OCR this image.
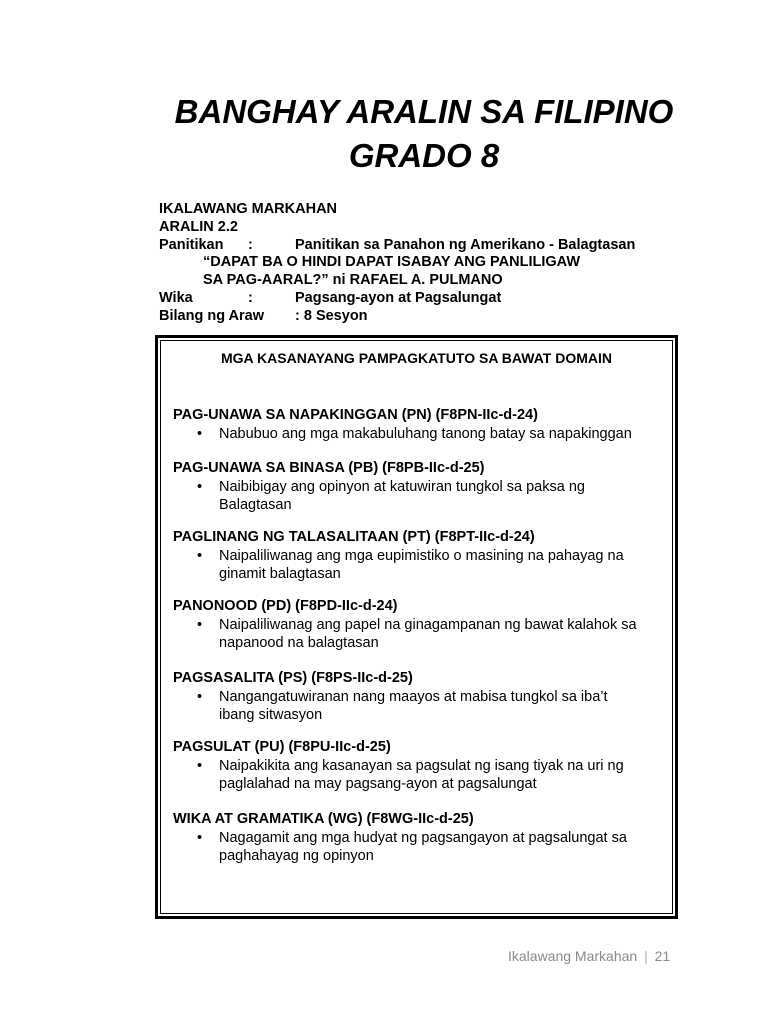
BANGHAY ARALIN SA FILIPINO
GRADO 8
IKALAWANG MARKAHAN
ARALIN 2.2
Panitikan	:	Panitikan sa Panahon ng Amerikano - Balagtasan
“DAPAT BA O HINDI DAPAT ISABAY ANG PANLILIGAW
SA PAG-AARAL?” ni RAFAEL A. PULMANO
Wika	:	Pagsang-ayon at Pagsalungat
Bilang ng Araw	: 8 Sesyon
MGA KASANAYANG PAMPAGKATUTO SA BAWAT DOMAIN
PAG-UNAWA SA NAPAKINGGAN (PN) (F8PN-IIc-d-24)
• Nabubuo ang mga makabuluhang tanong batay sa napakinggan
PAG-UNAWA SA BINASA (PB) (F8PB-IIc-d-25)
• Naibibigay ang opinyon at katuwiran tungkol sa paksa ng Balagtasan
PAGLINANG NG TALASALITAAN (PT) (F8PT-IIc-d-24)
• Naipaliliwanag ang mga eupimistiko o masining na pahayag na ginamit balagtasan
PANONOOD (PD) (F8PD-IIc-d-24)
• Naipaliliwanag ang papel na ginagampanan ng bawat kalahok sa napanood na balagtasan
PAGSASALITA (PS) (F8PS-IIc-d-25)
• Nangangatuwiranan nang maayos at mabisa tungkol sa iba’t ibang sitwasyon
PAGSULAT (PU) (F8PU-IIc-d-25)
• Naipakikita ang kasanayan sa pagsulat ng isang tiyak na uri ng paglalahad na may pagsang-ayon at pagsalungat
WIKA AT GRAMATIKA (WG) (F8WG-IIc-d-25)
• Nagagamit ang mga hudyat ng pagsangayon at pagsalungat sa paghahayag ng opinyon
Ikalawang Markahan | 21
